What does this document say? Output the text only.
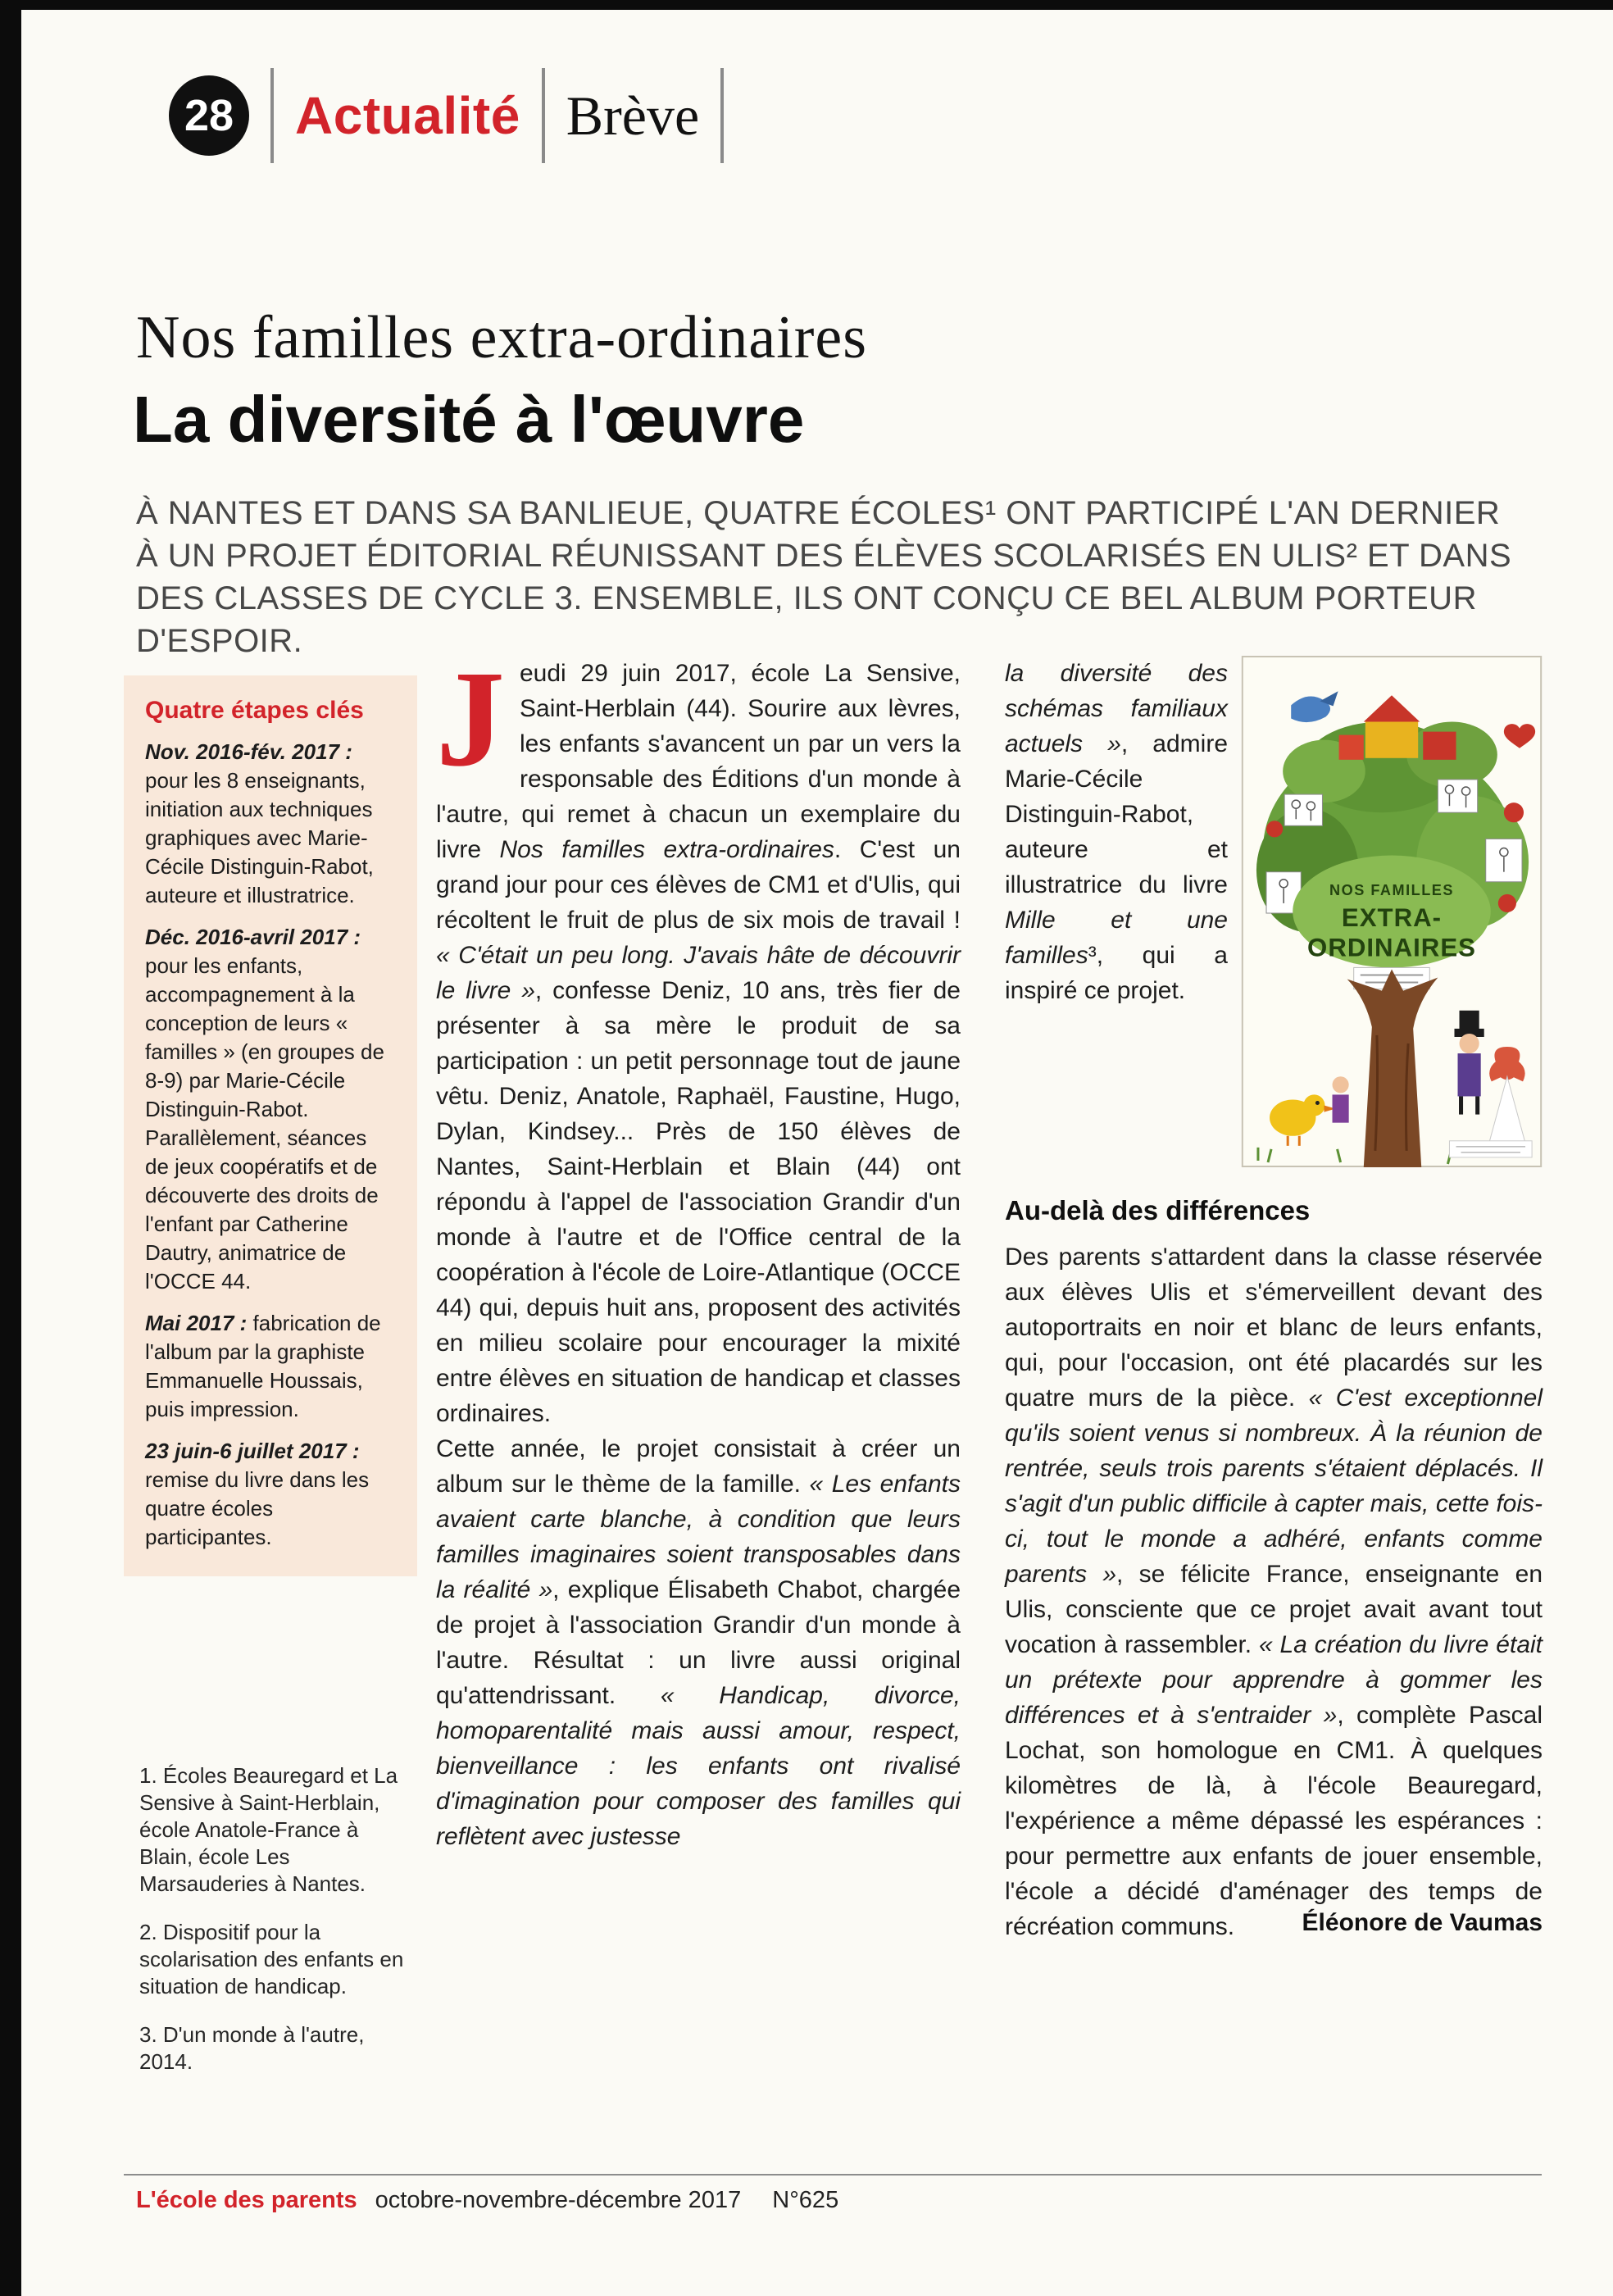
28 Actualité Brève
Nos familles extra-ordinaires
La diversité à l'œuvre

À NANTES ET DANS SA BANLIEUE, QUATRE ÉCOLES¹ ONT PARTICIPÉ L'AN DERNIER À UN PROJET ÉDITORIAL RÉUNISSANT DES ÉLÈVES SCOLARISÉS EN ULIS² ET DANS DES CLASSES DE CYCLE 3. ENSEMBLE, ILS ONT CONÇU CE BEL ALBUM PORTEUR D'ESPOIR.

Quatre étapes clés

Nov. 2016-fév. 2017 : pour les 8 enseignants, initiation aux techniques graphiques avec Marie-Cécile Distinguin-Rabot, auteure et illustratrice.

Déc. 2016-avril 2017 : pour les enfants, accompagnement à la conception de leurs « familles » (en groupes de 8-9) par Marie-Cécile Distinguin-Rabot. Parallèlement, séances de jeux coopératifs et de découverte des droits de l'enfant par Catherine Dautry, animatrice de l'OCCE 44.

Mai 2017 : fabrication de l'album par la graphiste Emmanuelle Houssais, puis impression.

23 juin-6 juillet 2017 : remise du livre dans les quatre écoles participantes.

1. Écoles Beauregard et La Sensive à Saint-Herblain, école Anatole-France à Blain, école Les Marsauderies à Nantes.

2. Dispositif pour la scolarisation des enfants en situation de handicap.

3. D'un monde à l'autre, 2014.

J eudi 29 juin 2017, école La Sensive, Saint-Herblain (44). Sourire aux lèvres, les enfants s'avancent un par un vers la responsable des Éditions d'un monde à l'autre, qui remet à chacun un exemplaire du livre Nos familles extra-ordinaires. C'est un grand jour pour ces élèves de CM1 et d'Ulis, qui récoltent le fruit de plus de six mois de travail ! « C'était un peu long. J'avais hâte de découvrir le livre », confesse Deniz, 10 ans, très fier de présenter à sa mère le produit de sa participation : un petit personnage tout de jaune vêtu. Deniz, Anatole, Raphaël, Faustine, Hugo, Dylan, Kindsey... Près de 150 élèves de Nantes, Saint-Herblain et Blain (44) ont répondu à l'appel de l'association Grandir d'un monde à l'autre et de l'Office central de la coopération à l'école de Loire-Atlantique (OCCE 44) qui, depuis huit ans, proposent des activités en milieu scolaire pour encourager la mixité entre élèves en situation de handicap et classes ordinaires.

Cette année, le projet consistait à créer un album sur le thème de la famille. « Les enfants avaient carte blanche, à condition que leurs familles imaginaires soient transposables dans la réalité », explique Élisabeth Chabot, chargée de projet à l'association Grandir d'un monde à l'autre. Résultat : un livre aussi original qu'attendrissant. « Handicap, divorce, homoparentalité mais aussi amour, respect, bienveillance : les enfants ont rivalisé d'imagination pour composer des familles qui reflètent avec justesse

la diversité des schémas familiaux actuels », admire Marie-Cécile Distinguin-Rabot, auteure et illustratrice du livre Mille et une familles³, qui a inspiré ce projet.

NOS FAMILLES
EXTRA-
ORDINAIRES
Au-delà des différences

Des parents s'attardent dans la classe réservée aux élèves Ulis et s'émerveillent devant des autoportraits en noir et blanc de leurs enfants, qui, pour l'occasion, ont été placardés sur les quatre murs de la pièce. « C'est exceptionnel qu'ils soient venus si nombreux. À la réunion de rentrée, seuls trois parents s'étaient déplacés. Il s'agit d'un public difficile à capter mais, cette fois-ci, tout le monde a adhéré, enfants comme parents », se félicite France, enseignante en Ulis, consciente que ce projet avait avant tout vocation à rassembler. « La création du livre était un prétexte pour apprendre à gommer les différences et à s'entraider », complète Pascal Lochat, son homologue en CM1. À quelques kilomètres de là, à l'école Beauregard, l'expérience a même dépassé les espérances : pour permettre aux enfants de jouer ensemble, l'école a décidé d'aménager des temps de récréation communs.	Éléonore de Vaumas
L'école des parents octobre-novembre-décembre 2017 N°625
